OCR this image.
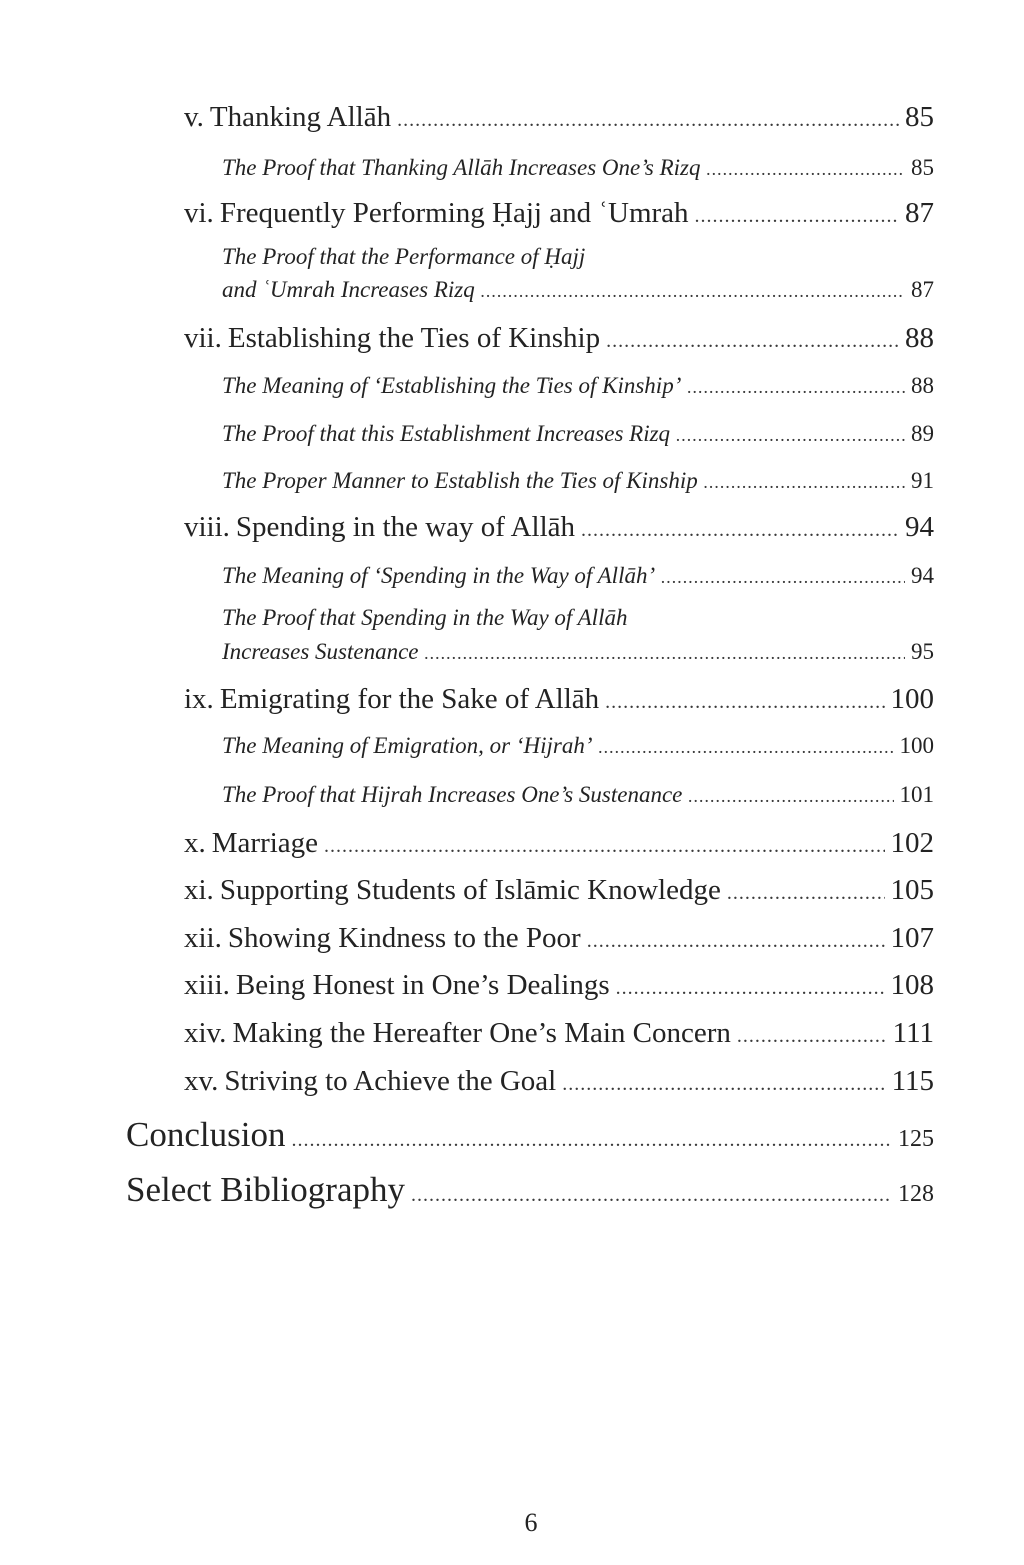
v. Thanking Allāh .....	85
The Proof that Thanking Allāh Increases One’s Rizq .....	85
vi. Frequently Performing Ḥajj and ʿUmrah .....	87
The Proof that the Performance of Ḥajj
and ʿUmrah Increases Rizq .....	87
vii. Establishing the Ties of Kinship .....	88
The Meaning of ‘Establishing the Ties of Kinship’ .....	88
The Proof that this Establishment Increases Rizq .....	89
The Proper Manner to Establish the Ties of Kinship .....	91
viii. Spending in the way of Allāh .....	94
The Meaning of ‘Spending in the Way of Allāh’ .....	94
The Proof that Spending in the Way of Allāh
Increases Sustenance .....	95
ix. Emigrating for the Sake of Allāh .....	100
The Meaning of Emigration, or ‘Hijrah’ .....	100
The Proof that Hijrah Increases One’s Sustenance .....	101
x. Marriage .....	102
xi. Supporting Students of Islāmic Knowledge .....	105
xii. Showing Kindness to the Poor .....	107
xiii. Being Honest in One’s Dealings .....	108
xiv. Making the Hereafter One’s Main Concern .....	111
xv. Striving to Achieve the Goal .....	115
Conclusion .....	125
Select Bibliography .....	128
6
